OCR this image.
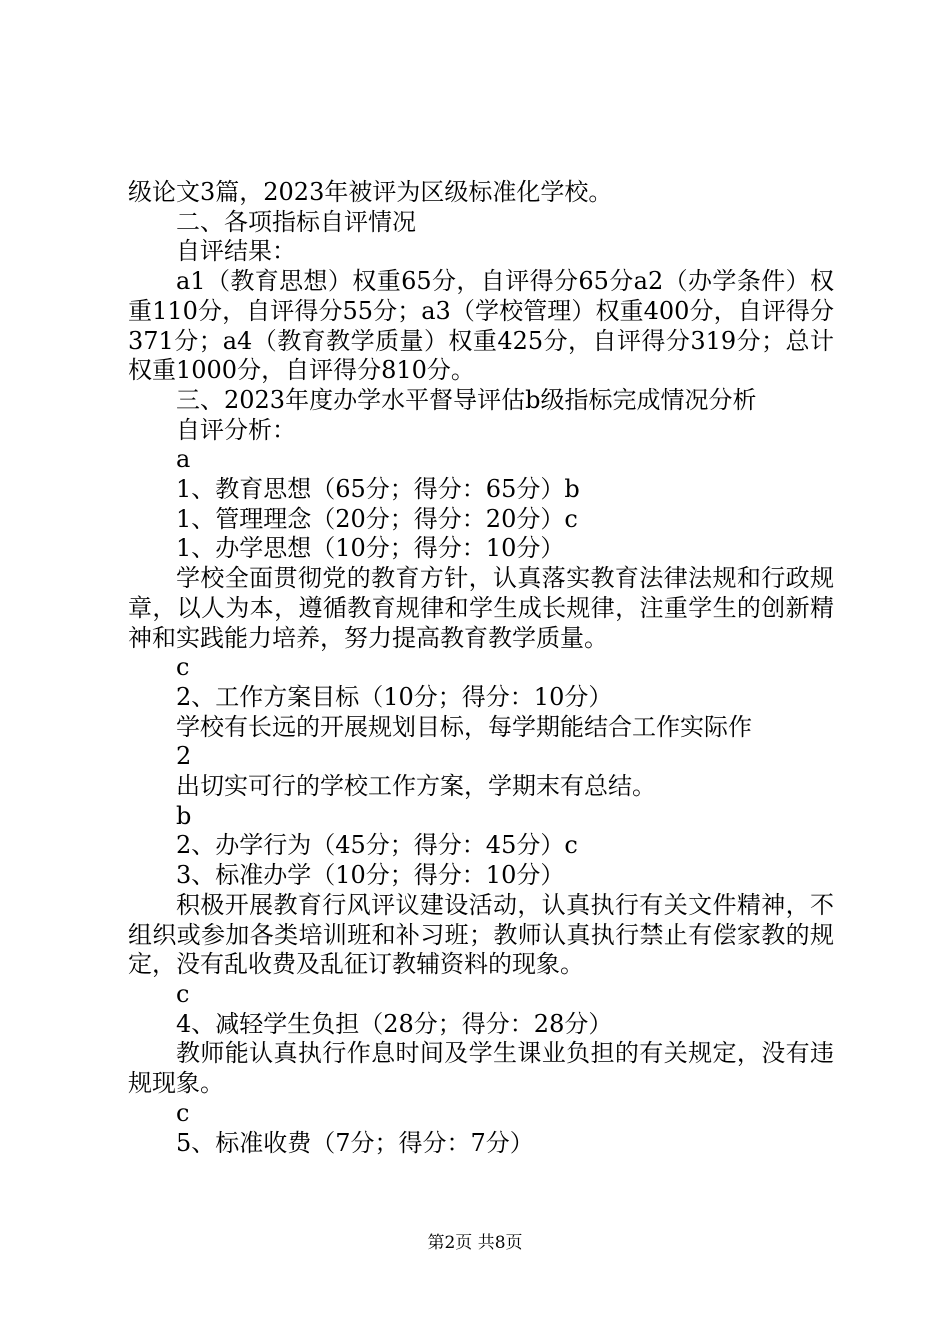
级论文3篇，2023年被评为区级标准化学校。

二、各项指标自评情况

自评结果：

a1（教育思想）权重65分，自评得分65分a2（办学条件）权重110分，自评得分55分；a3（学校管理）权重400分，自评得分371分；a4（教育教学质量）权重425分，自评得分319分；总计权重1000分，自评得分810分。

三、2023年度办学水平督导评估b级指标完成情况分析

自评分析：

a

1、教育思想（65分；得分：65分）b

1、管理理念（20分；得分：20分）c

1、办学思想（10分；得分：10分）

学校全面贯彻党的教育方针，认真落实教育法律法规和行政规章，以人为本，遵循教育规律和学生成长规律，注重学生的创新精神和实践能力培养，努力提高教育教学质量。

c

2、工作方案目标（10分；得分：10分）

学校有长远的开展规划目标，每学期能结合工作实际作

2

出切实可行的学校工作方案，学期末有总结。

b

2、办学行为（45分；得分：45分）c

3、标准办学（10分；得分：10分）

积极开展教育行风评议建设活动，认真执行有关文件精神，不组织或参加各类培训班和补习班；教师认真执行禁止有偿家教的规定，没有乱收费及乱征订教辅资料的现象。

c

4、减轻学生负担（28分；得分：28分）

教师能认真执行作息时间及学生课业负担的有关规定，没有违规现象。

c

5、标准收费（7分；得分：7分）

第2页 共8页
